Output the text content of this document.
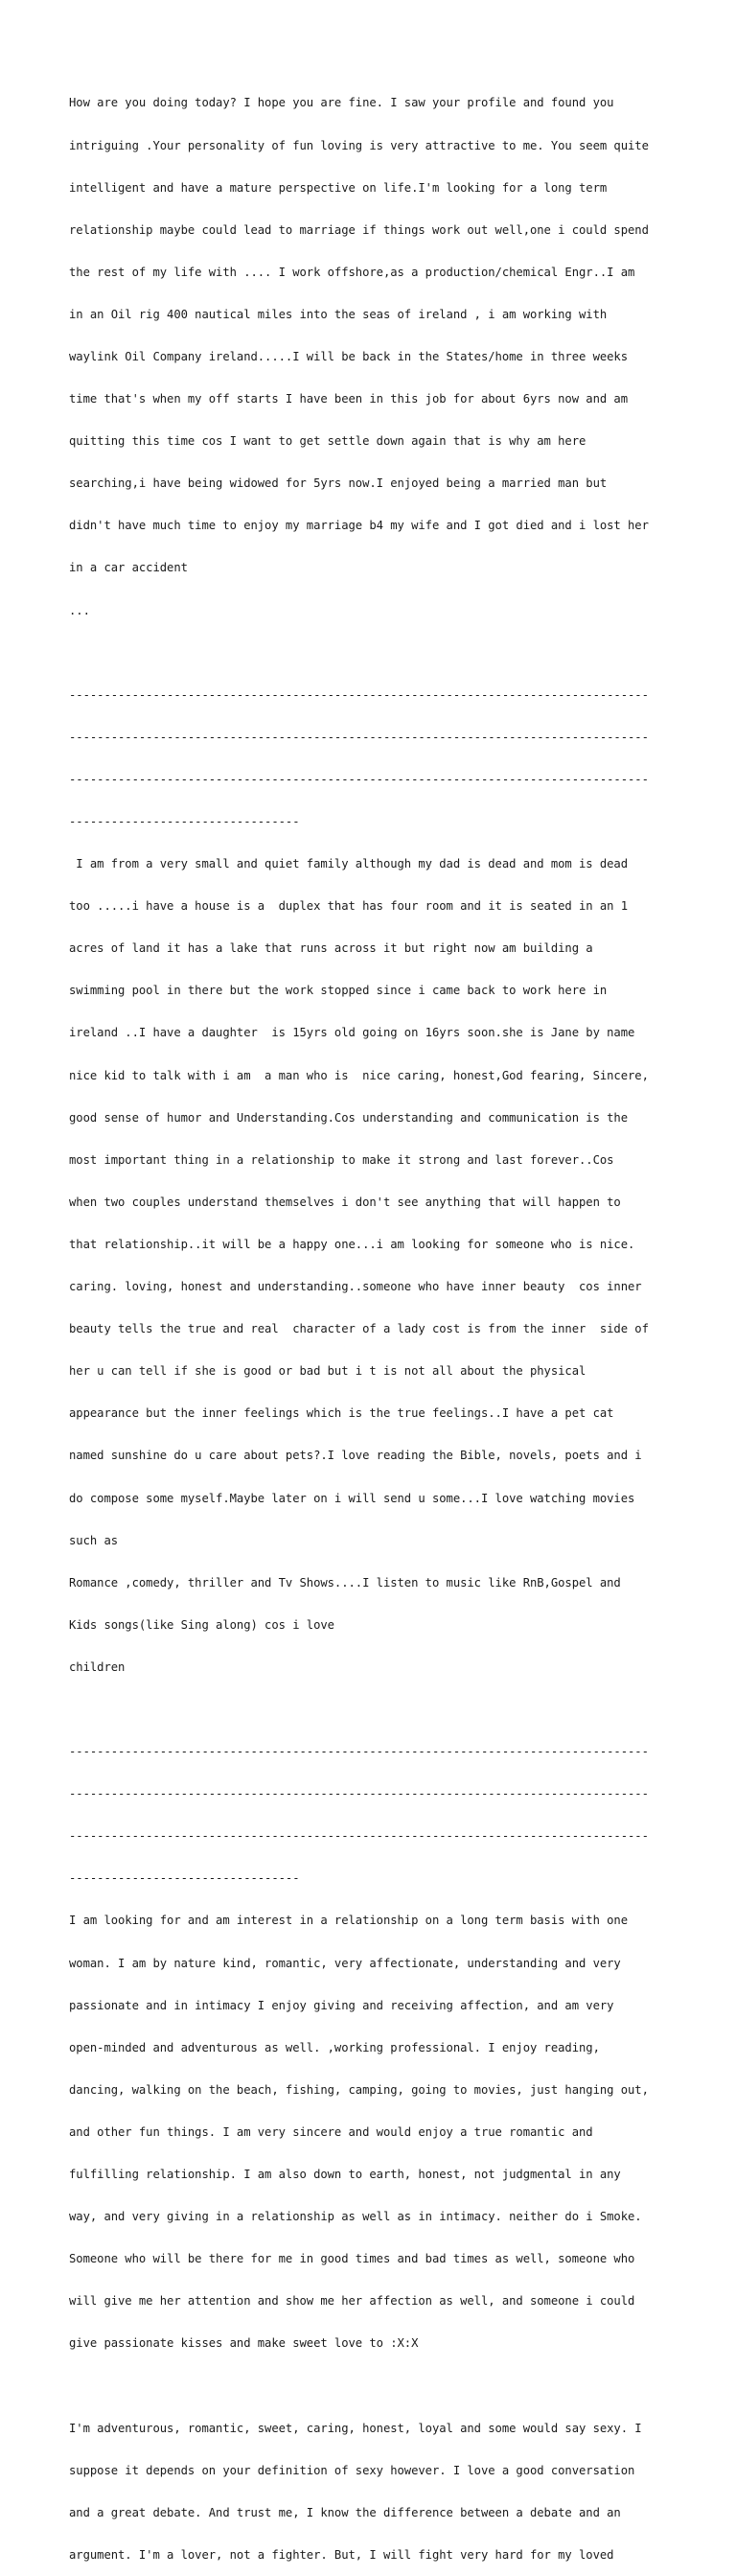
How are you doing today? I hope you are fine. I saw your profile and found you

intriguing .Your personality of fun loving is very attractive to me. You seem quite

intelligent and have a mature perspective on life.I'm looking for a long term

relationship maybe could lead to marriage if things work out well,one i could spend

the rest of my life with .... I work offshore,as a production/chemical Engr..I am

in an Oil rig 400 nautical miles into the seas of ireland , i am working with

waylink Oil Company ireland.....I will be back in the States/home in three weeks

time that's when my off starts I have been in this job for about 6yrs now and am

quitting this time cos I want to get settle down again that is why am here

searching,i have being widowed for 5yrs now.I enjoyed being a married man but

didn't have much time to enjoy my marriage b4 my wife and I got died and i lost her

in a car accident

...

-----------------------------------------------------------------------------------

-----------------------------------------------------------------------------------

-----------------------------------------------------------------------------------

---------------------------------

I am from a very small and quiet family although my dad is dead and mom is dead

too .....i have a house is a  duplex that has four room and it is seated in an 1

acres of land it has a lake that runs across it but right now am building a

swimming pool in there but the work stopped since i came back to work here in

ireland ..I have a daughter  is 15yrs old going on 16yrs soon.she is Jane by name

nice kid to talk with i am  a man who is  nice caring, honest,God fearing, Sincere,

good sense of humor and Understanding.Cos understanding and communication is the

most important thing in a relationship to make it strong and last forever..Cos

when two couples understand themselves i don't see anything that will happen to

that relationship..it will be a happy one...i am looking for someone who is nice.

caring. loving, honest and understanding..someone who have inner beauty  cos inner

beauty tells the true and real  character of a lady cost is from the inner  side of

her u can tell if she is good or bad but i t is not all about the physical

appearance but the inner feelings which is the true feelings..I have a pet cat

named sunshine do u care about pets?.I love reading the Bible, novels, poets and i

do compose some myself.Maybe later on i will send u some...I love watching movies

such as

Romance ,comedy, thriller and Tv Shows....I listen to music like RnB,Gospel and

Kids songs(like Sing along) cos i love

children

-----------------------------------------------------------------------------------

-----------------------------------------------------------------------------------

-----------------------------------------------------------------------------------

---------------------------------

I am looking for and am interest in a relationship on a long term basis with one

woman. I am by nature kind, romantic, very affectionate, understanding and very

passionate and in intimacy I enjoy giving and receiving affection, and am very

open-minded and adventurous as well. ,working professional. I enjoy reading,

dancing, walking on the beach, fishing, camping, going to movies, just hanging out,

and other fun things. I am very sincere and would enjoy a true romantic and

fulfilling relationship. I am also down to earth, honest, not judgmental in any

way, and very giving in a relationship as well as in intimacy. neither do i Smoke.

Someone who will be there for me in good times and bad times as well, someone who

will give me her attention and show me her affection as well, and someone i could

give passionate kisses and make sweet love to :X:X

I'm adventurous, romantic, sweet, caring, honest, loyal and some would say sexy. I

suppose it depends on your definition of sexy however. I love a good conversation

and a great debate. And trust me, I know the difference between a debate and an

argument. I'm a lover, not a fighter. But, I will fight very hard for my loved
